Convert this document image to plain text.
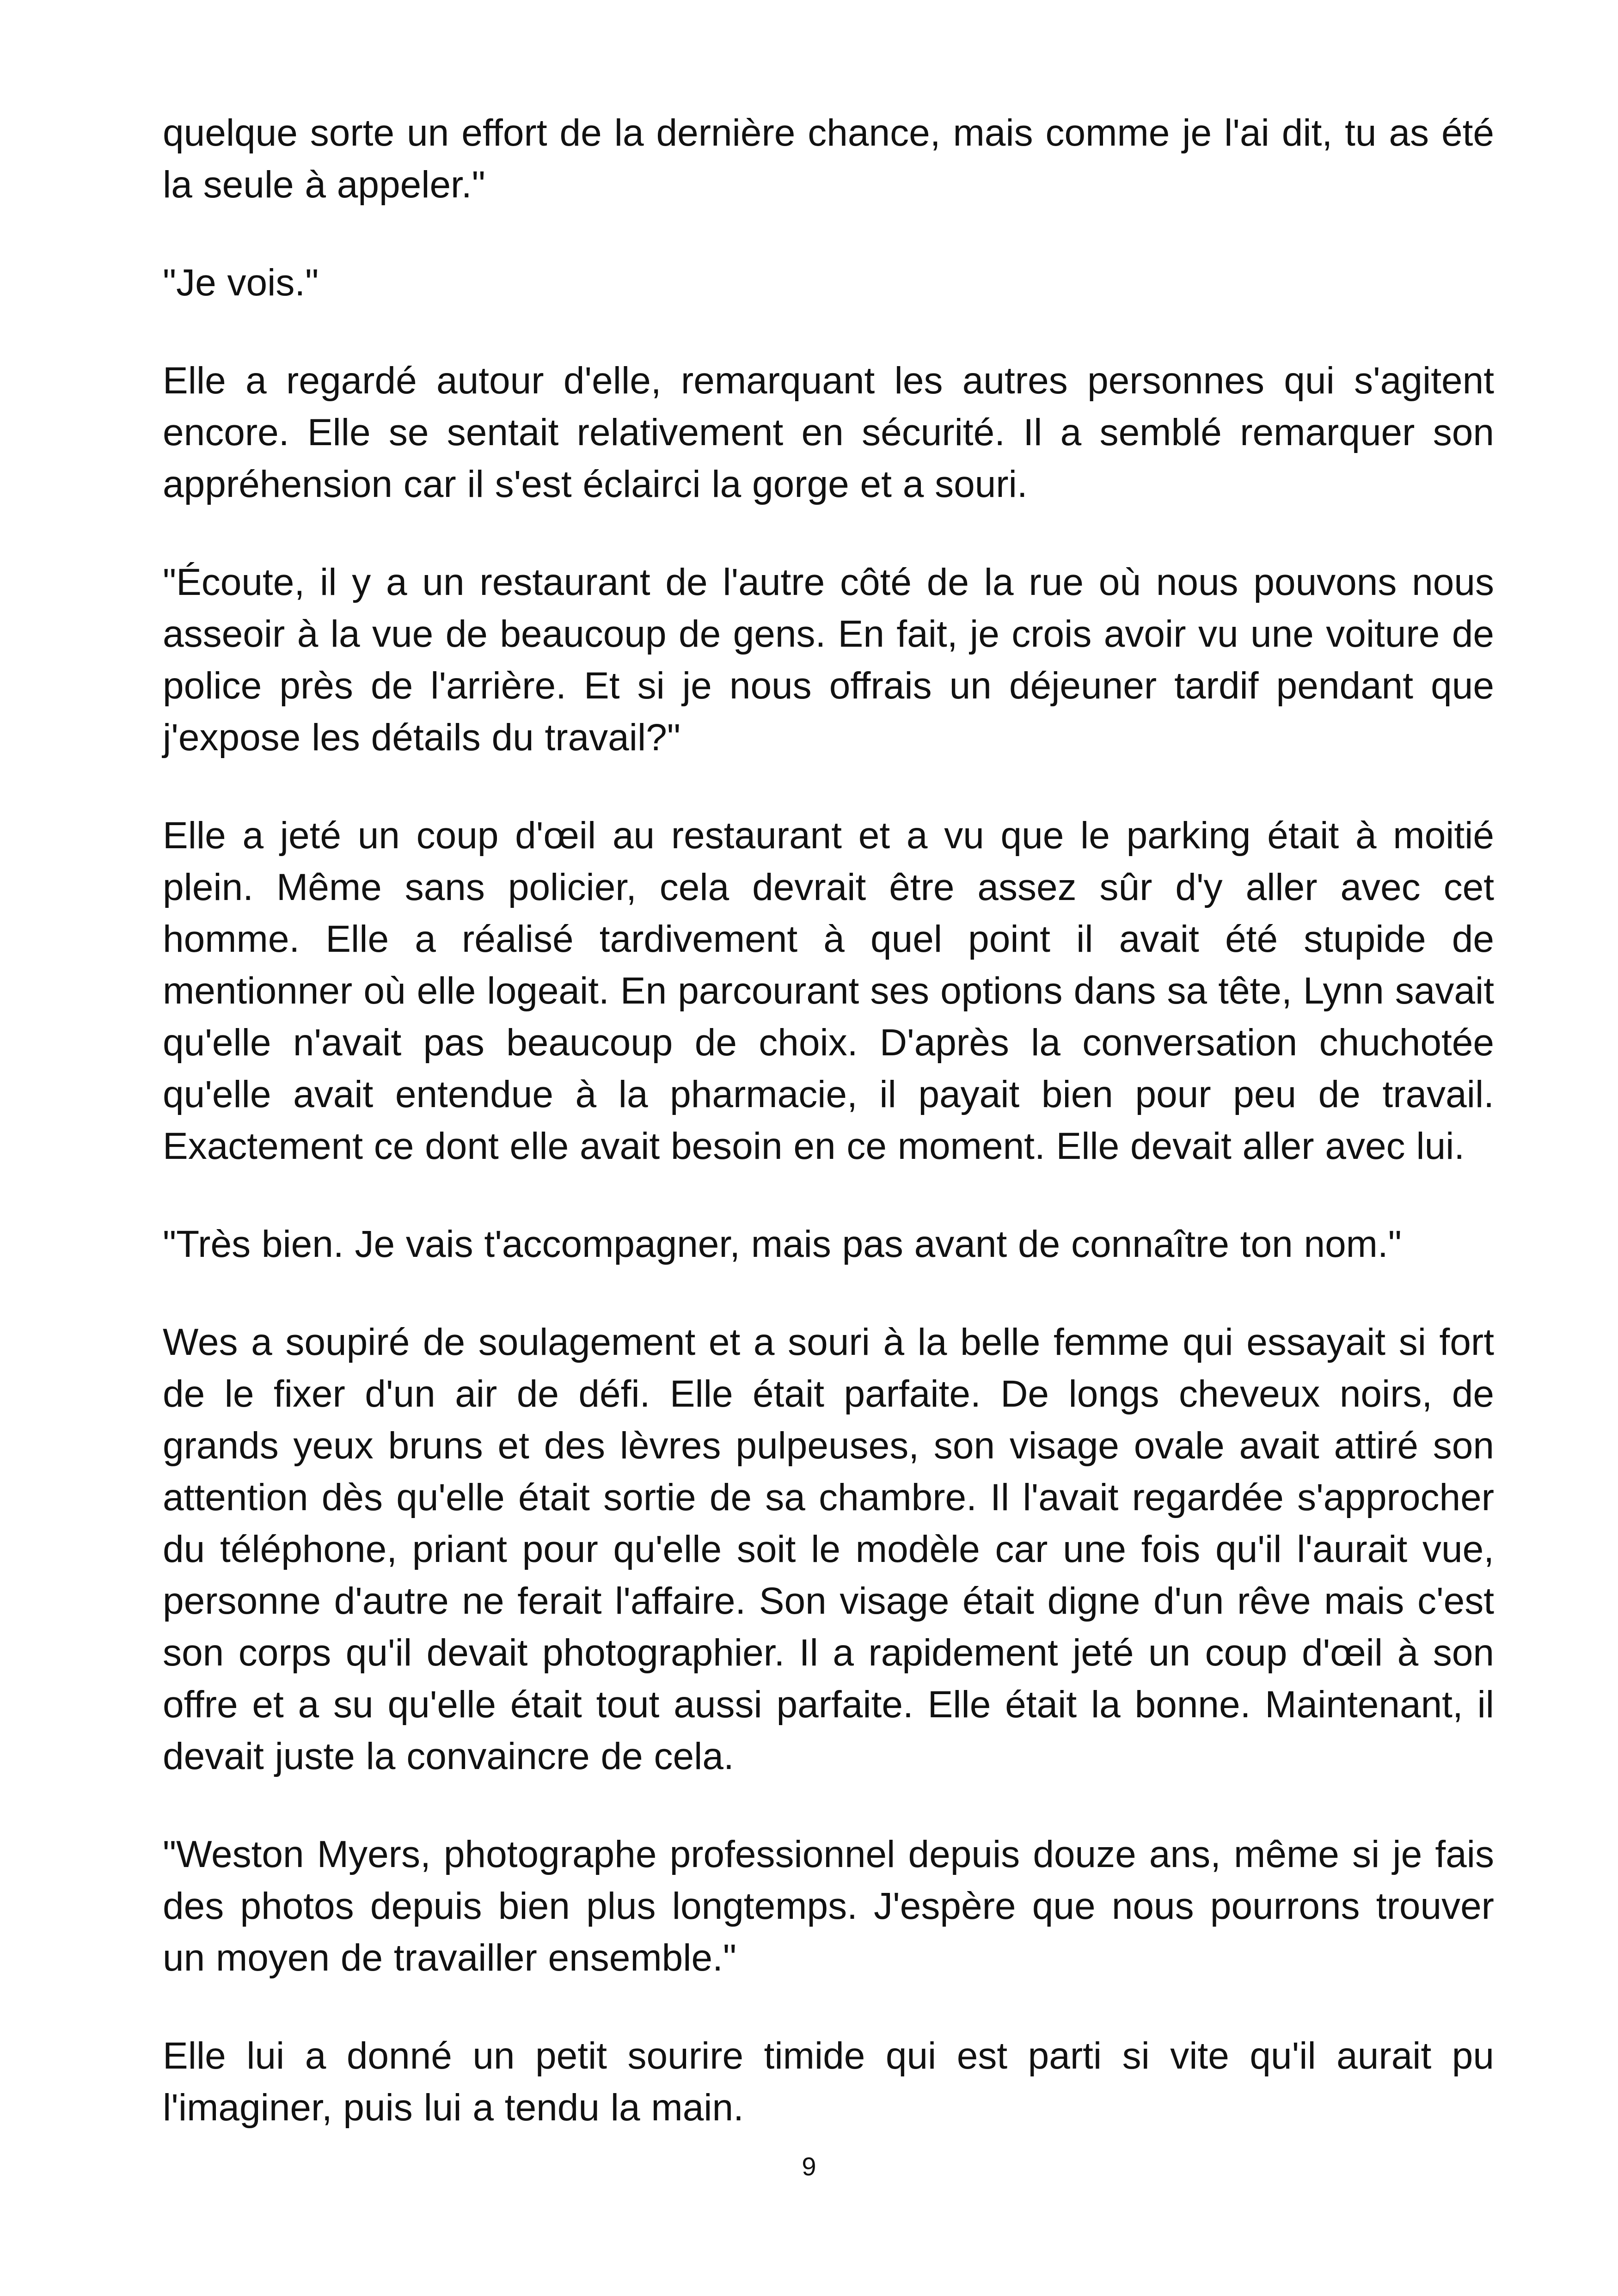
quelque sorte un effort de la dernière chance, mais comme je l'ai dit, tu as été la seule à appeler."

"Je vois."

Elle a regardé autour d'elle, remarquant les autres personnes qui s'agitent encore. Elle se sentait relativement en sécurité. Il a semblé remarquer son appréhension car il s'est éclairci la gorge et a souri.

"Écoute, il y a un restaurant de l'autre côté de la rue où nous pouvons nous asseoir à la vue de beaucoup de gens. En fait, je crois avoir vu une voiture de police près de l'arrière. Et si je nous offrais un déjeuner tardif pendant que j'expose les détails du travail?"

Elle a jeté un coup d'œil au restaurant et a vu que le parking était à moitié plein. Même sans policier, cela devrait être assez sûr d'y aller avec cet homme. Elle a réalisé tardivement à quel point il avait été stupide de mentionner où elle logeait. En parcourant ses options dans sa tête, Lynn savait qu'elle n'avait pas beaucoup de choix. D'après la conversation chuchotée qu'elle avait entendue à la pharmacie, il payait bien pour peu de travail. Exactement ce dont elle avait besoin en ce moment. Elle devait aller avec lui.

"Très bien. Je vais t'accompagner, mais pas avant de connaître ton nom."

Wes a soupiré de soulagement et a souri à la belle femme qui essayait si fort de le fixer d'un air de défi. Elle était parfaite. De longs cheveux noirs, de grands yeux bruns et des lèvres pulpeuses, son visage ovale avait attiré son attention dès qu'elle était sortie de sa chambre. Il l'avait regardée s'approcher du téléphone, priant pour qu'elle soit le modèle car une fois qu'il l'aurait vue, personne d'autre ne ferait l'affaire. Son visage était digne d'un rêve mais c'est son corps qu'il devait photographier. Il a rapidement jeté un coup d'œil à son offre et a su qu'elle était tout aussi parfaite. Elle était la bonne. Maintenant, il devait juste la convaincre de cela.

"Weston Myers, photographe professionnel depuis douze ans, même si je fais des photos depuis bien plus longtemps. J'espère que nous pourrons trouver un moyen de travailler ensemble."

Elle lui a donné un petit sourire timide qui est parti si vite qu'il aurait pu l'imaginer, puis lui a tendu la main.

9
